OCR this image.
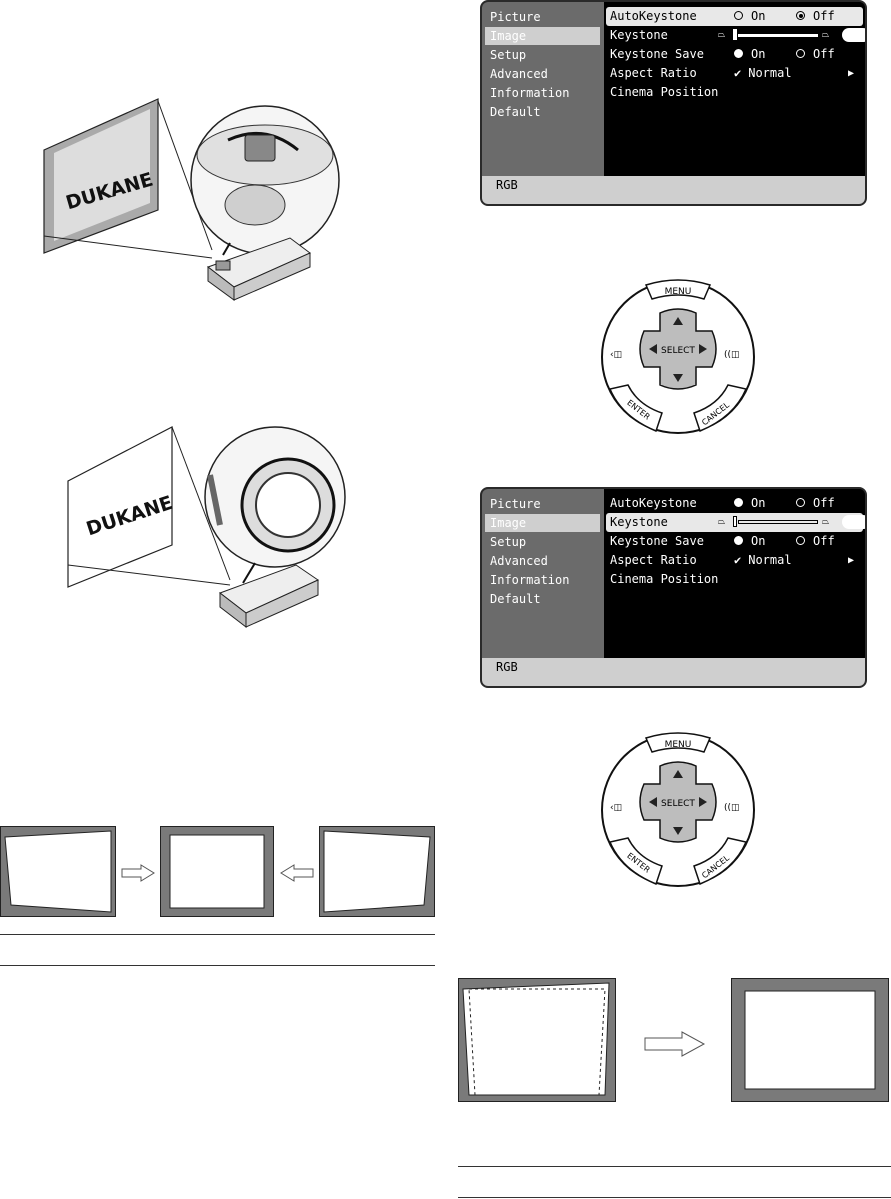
DUKANE
DUKANE
Picture
Image
Setup
Advanced
Information
Default
AutoKeystone	On	Off
Keystone	⏢	⏢
Keystone Save	On	Off
Aspect Ratio	✔ Normal	▶
Cinema Position
RGB
MENU
SELECT
‹◫	((◫
ENTER	CANCEL
Picture
Image
Setup
Advanced
Information
Default
AutoKeystone	On	Off
Keystone	⏢	⏢
Keystone Save	On	Off
Aspect Ratio	✔ Normal	▶
Cinema Position
RGB
MENU
SELECT
‹◫	((◫
ENTER	CANCEL
